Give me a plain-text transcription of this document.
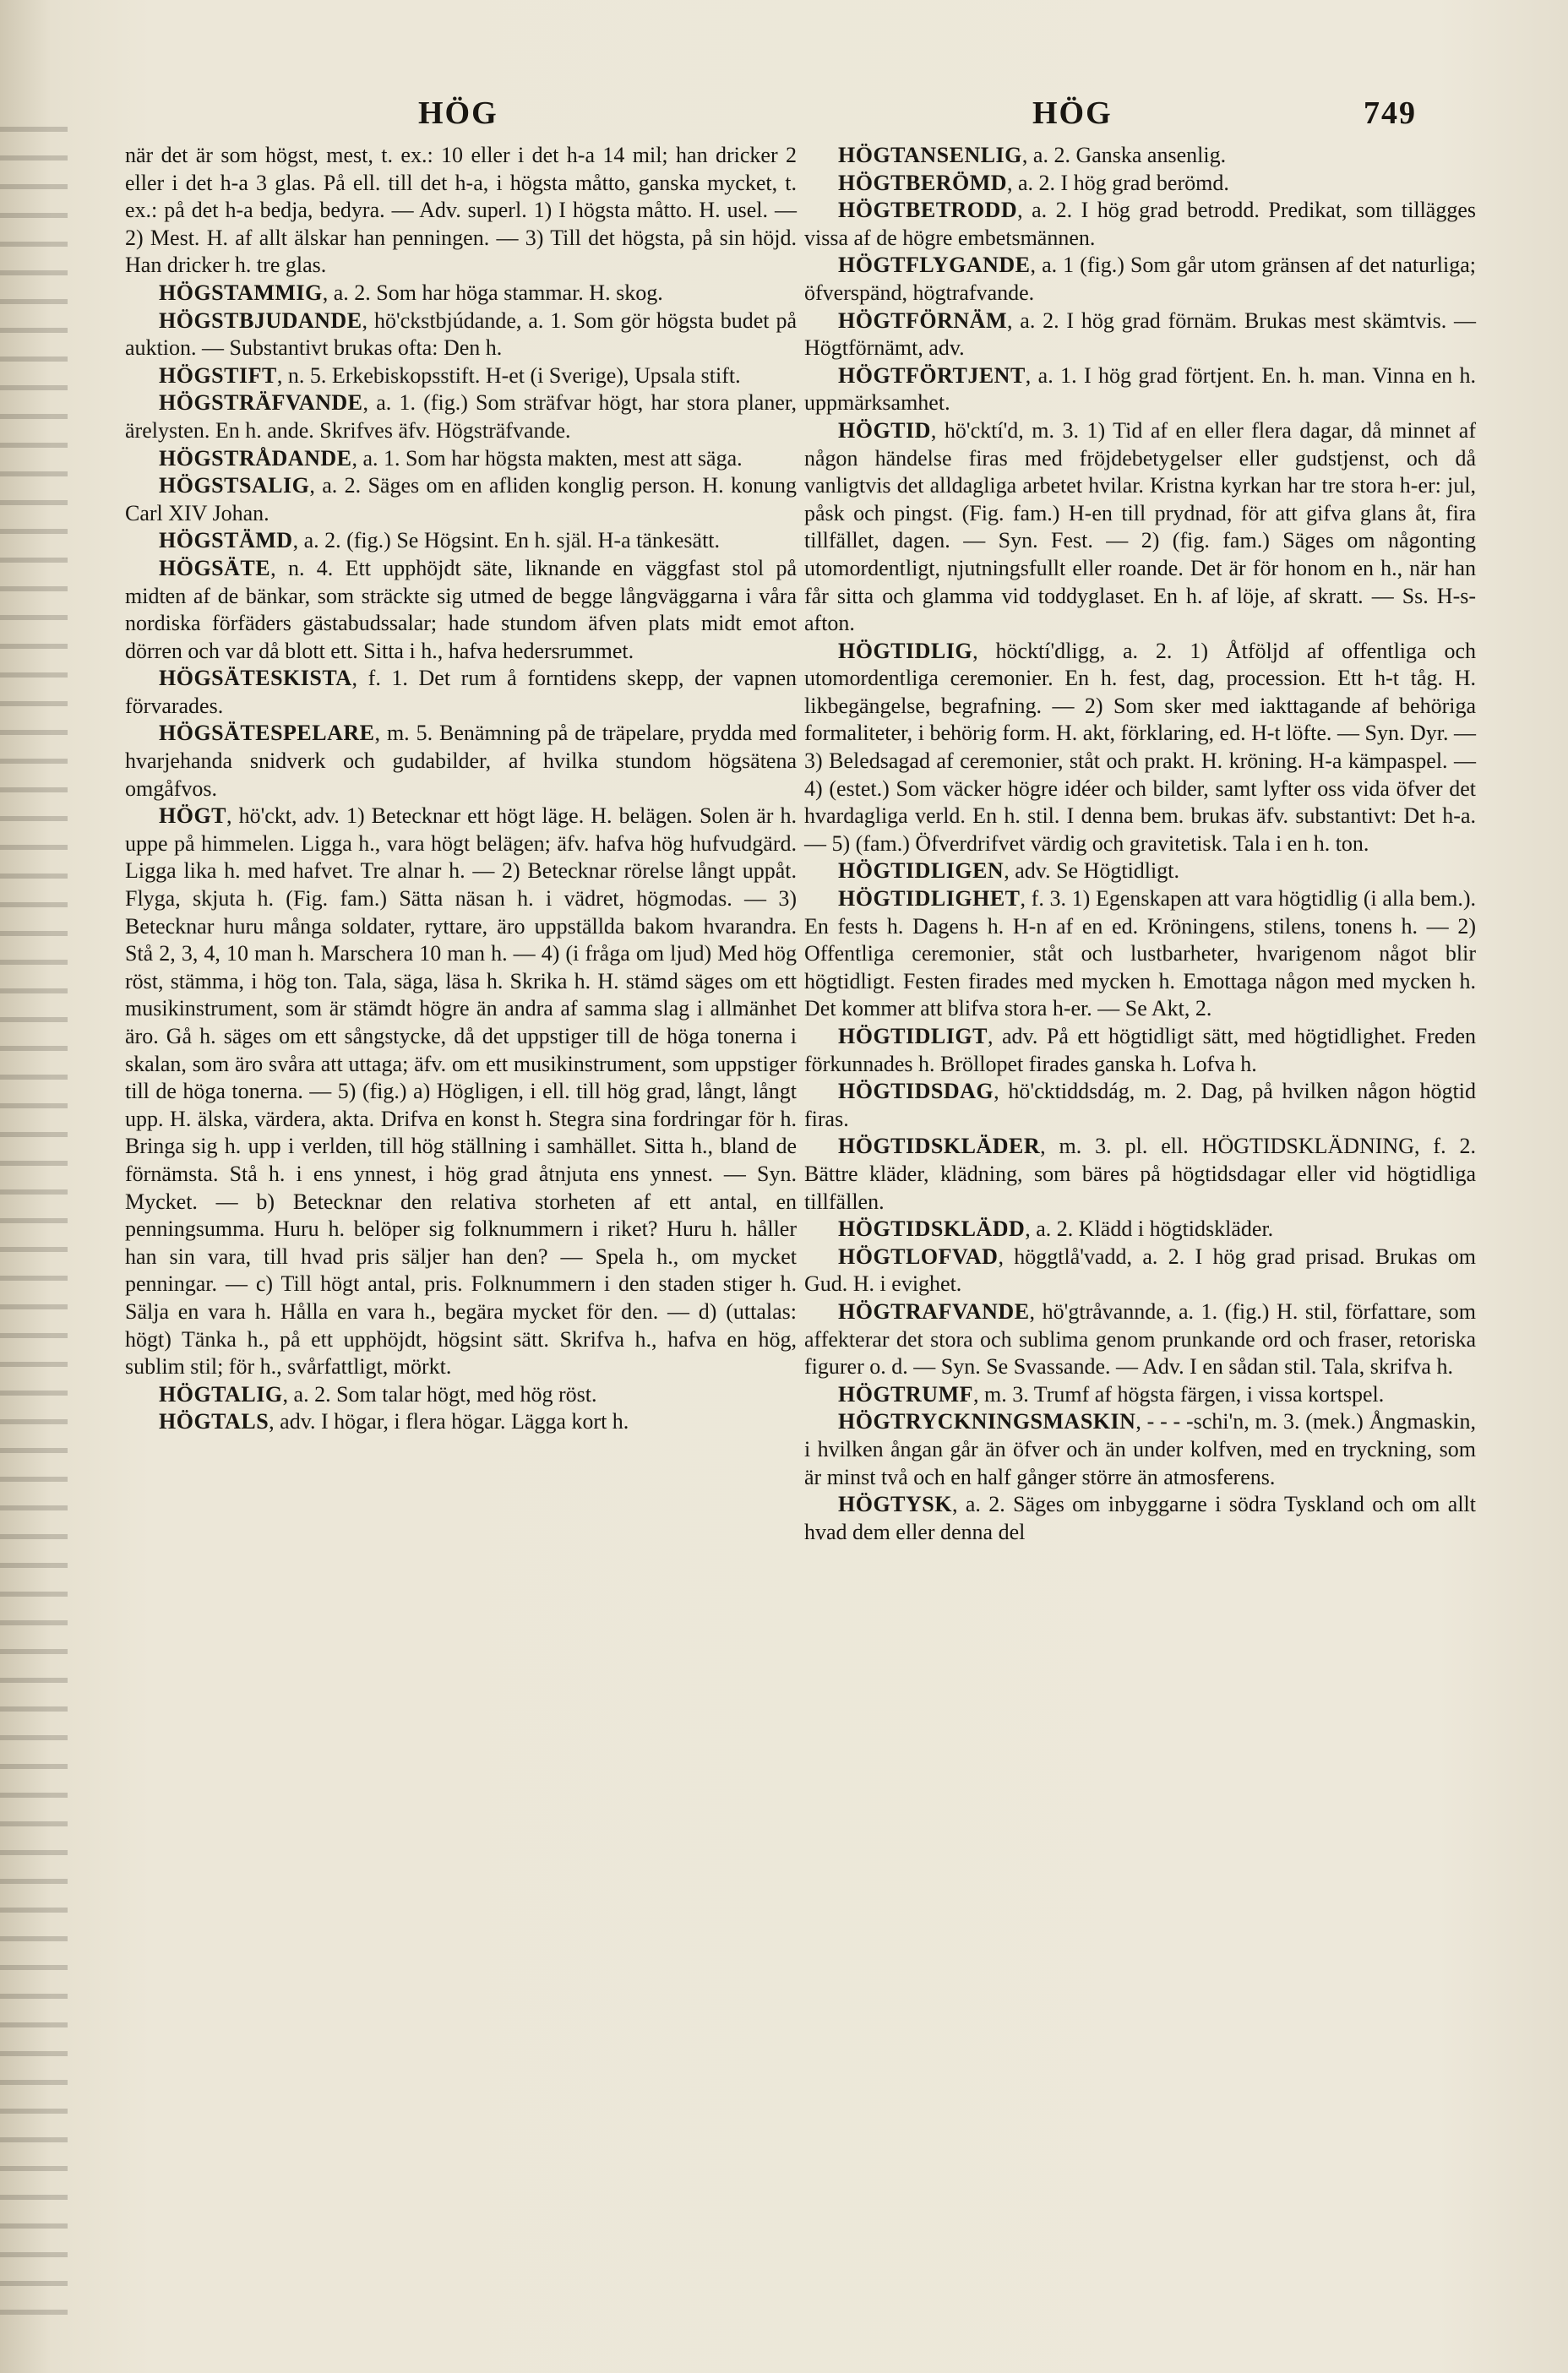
HÖG	HÖG	749

när det är som högst, mest, t. ex.: 10 eller i det h-a 14 mil; han dricker 2 eller i det h-a 3 glas. På ell. till det h-a, i högsta måtto, ganska mycket, t. ex.: på det h-a bedja, bedyra. — Adv. superl. 1) I högsta måtto. H. usel. — 2) Mest. H. af allt älskar han penningen. — 3) Till det högsta, på sin höjd. Han dricker h. tre glas.

HÖGSTAMMIG, a. 2. Som har höga stammar. H. skog.

HÖGSTBJUDANDE, hö'ckstbjúdande, a. 1. Som gör högsta budet på auktion. — Substantivt brukas ofta: Den h.

HÖGSTIFT, n. 5. Erkebiskopsstift. H-et (i Sverige), Upsala stift.

HÖGSTRÄFVANDE, a. 1. (fig.) Som sträfvar högt, har stora planer, ärelysten. En h. ande. Skrifves äfv. Högsträfvande.

HÖGSTRÅDANDE, a. 1. Som har högsta makten, mest att säga.

HÖGSTSALIG, a. 2. Säges om en afliden konglig person. H. konung Carl XIV Johan.

HÖGSTÄMD, a. 2. (fig.) Se Högsint. En h. själ. H-a tänkesätt.

HÖGSÄTE, n. 4. Ett upphöjdt säte, liknande en väggfast stol på midten af de bänkar, som sträckte sig utmed de begge långväggarna i våra nordiska förfäders gästabudssalar; hade stundom äfven plats midt emot dörren och var då blott ett. Sitta i h., hafva hedersrummet.

HÖGSÄTESKISTA, f. 1. Det rum å forntidens skepp, der vapnen förvarades.

HÖGSÄTESPELARE, m. 5. Benämning på de träpelare, prydda med hvarjehanda snidverk och gudabilder, af hvilka stundom högsätena omgåfvos.

HÖGT, hö'ckt, adv. 1) Betecknar ett högt läge. H. belägen. Solen är h. uppe på himmelen. Ligga h., vara högt belägen; äfv. hafva hög hufvudgärd. Ligga lika h. med hafvet. Tre alnar h. — 2) Betecknar rörelse långt uppåt. Flyga, skjuta h. (Fig. fam.) Sätta näsan h. i vädret, högmodas. — 3) Betecknar huru många soldater, ryttare, äro uppställda bakom hvarandra. Stå 2, 3, 4, 10 man h. Marschera 10 man h. — 4) (i fråga om ljud) Med hög röst, stämma, i hög ton. Tala, säga, läsa h. Skrika h. H. stämd säges om ett musikinstrument, som är stämdt högre än andra af samma slag i allmänhet äro. Gå h. säges om ett sångstycke, då det uppstiger till de höga tonerna i skalan, som äro svåra att uttaga; äfv. om ett musikinstrument, som uppstiger till de höga tonerna. — 5) (fig.) a) Högligen, i ell. till hög grad, långt, långt upp. H. älska, värdera, akta. Drifva en konst h. Stegra sina fordringar för h. Bringa sig h. upp i verlden, till hög ställning i samhället. Sitta h., bland de förnämsta. Stå h. i ens ynnest, i hög grad åtnjuta ens ynnest. — Syn. Mycket. — b) Betecknar den relativa storheten af ett antal, en penningsumma. Huru h. belöper sig folknummern i riket? Huru h. håller han sin vara, till hvad pris säljer han den? — Spela h., om mycket penningar. — c) Till högt antal, pris. Folknummern i den staden stiger h. Sälja en vara h. Hålla en vara h., begära mycket för den. — d) (uttalas: högt) Tänka h., på ett upphöjdt, högsint sätt. Skrifva h., hafva en hög, sublim stil; för h., svårfattligt, mörkt.

HÖGTALIG, a. 2. Som talar högt, med hög röst.

HÖGTALS, adv. I högar, i flera högar. Lägga kort h.

HÖGTANSENLIG, a. 2. Ganska ansenlig.

HÖGTBERÖMD, a. 2. I hög grad berömd.

HÖGTBETRODD, a. 2. I hög grad betrodd. Predikat, som tillägges vissa af de högre embetsmännen.

HÖGTFLYGANDE, a. 1 (fig.) Som går utom gränsen af det naturliga; öfverspänd, högtrafvande.

HÖGTFÖRNÄM, a. 2. I hög grad förnäm. Brukas mest skämtvis. — Högtförnämt, adv.

HÖGTFÖRTJENT, a. 1. I hög grad förtjent. En. h. man. Vinna en h. uppmärksamhet.

HÖGTID, hö'cktí'd, m. 3. 1) Tid af en eller flera dagar, då minnet af någon händelse firas med fröjdebetygelser eller gudstjenst, och då vanligtvis det alldagliga arbetet hvilar. Kristna kyrkan har tre stora h-er: jul, påsk och pingst. (Fig. fam.) H-en till prydnad, för att gifva glans åt, fira tillfället, dagen. — Syn. Fest. — 2) (fig. fam.) Säges om någonting utomordentligt, njutningsfullt eller roande. Det är för honom en h., när han får sitta och glamma vid toddyglaset. En h. af löje, af skratt. — Ss. H-s-afton.

HÖGTIDLIG, höcktí'dligg, a. 2. 1) Åtföljd af offentliga och utomordentliga ceremonier. En h. fest, dag, procession. Ett h-t tåg. H. likbegängelse, begrafning. — 2) Som sker med iakttagande af behöriga formaliteter, i behörig form. H. akt, förklaring, ed. H-t löfte. — Syn. Dyr. — 3) Beledsagad af ceremonier, ståt och prakt. H. kröning. H-a kämpaspel. — 4) (estet.) Som väcker högre idéer och bilder, samt lyfter oss vida öfver det hvardagliga verld. En h. stil. I denna bem. brukas äfv. substantivt: Det h-a. — 5) (fam.) Öfverdrifvet värdig och gravitetisk. Tala i en h. ton.

HÖGTIDLIGEN, adv. Se Högtidligt.

HÖGTIDLIGHET, f. 3. 1) Egenskapen att vara högtidlig (i alla bem.). En fests h. Dagens h. H-n af en ed. Kröningens, stilens, tonens h. — 2) Offentliga ceremonier, ståt och lustbarheter, hvarigenom något blir högtidligt. Festen firades med mycken h. Emottaga någon med mycken h. Det kommer att blifva stora h-er. — Se Akt, 2.

HÖGTIDLIGT, adv. På ett högtidligt sätt, med högtidlighet. Freden förkunnades h. Bröllopet firades ganska h. Lofva h.

HÖGTIDSDAG, hö'cktiddsdág, m. 2. Dag, på hvilken någon högtid firas.

HÖGTIDSKLÄDER, m. 3. pl. ell. HÖGTIDSKLÄDNING, f. 2. Bättre kläder, klädning, som bäres på högtidsdagar eller vid högtidliga tillfällen.

HÖGTIDSKLÄDD, a. 2. Klädd i högtidskläder.

HÖGTLOFVAD, höggtlå'vadd, a. 2. I hög grad prisad. Brukas om Gud. H. i evighet.

HÖGTRAFVANDE, hö'gtråvannde, a. 1. (fig.) H. stil, författare, som affekterar det stora och sublima genom prunkande ord och fraser, retoriska figurer o. d. — Syn. Se Svassande. — Adv. I en sådan stil. Tala, skrifva h.

HÖGTRUMF, m. 3. Trumf af högsta färgen, i vissa kortspel.

HÖGTRYCKNINGSMASKIN, - - - -schi'n, m. 3. (mek.) Ångmaskin, i hvilken ångan går än öfver och än under kolfven, med en tryckning, som är minst två och en half gånger större än atmosferens.

HÖGTYSK, a. 2. Säges om inbyggarne i södra Tyskland och om allt hvad dem eller denna del
